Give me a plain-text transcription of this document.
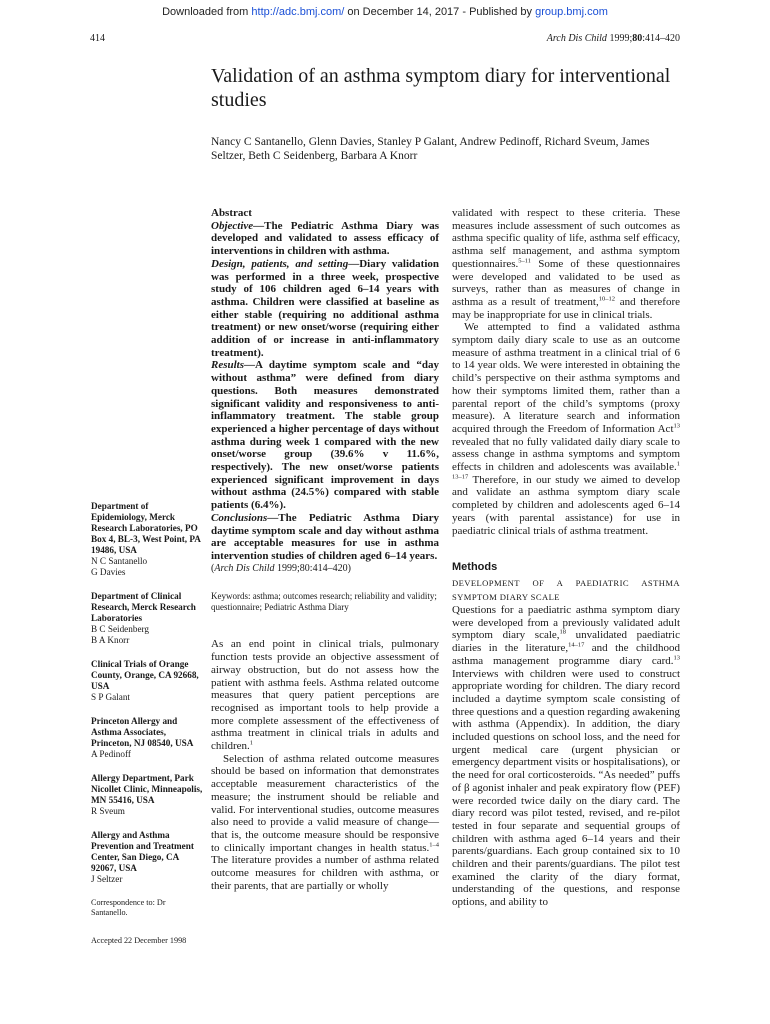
Downloaded from http://adc.bmj.com/ on December 14, 2017 - Published by group.bmj.com
414	Arch Dis Child 1999;80:414–420
Validation of an asthma symptom diary for interventional studies

Nancy C Santanello, Glenn Davies, Stanley P Galant, Andrew Pedinoff, Richard Sveum, James Seltzer, Beth C Seidenberg, Barbara A Knorr

Department of Epidemiology, Merck Research Laboratories, PO Box 4, BL-3, West Point, PA 19486, USA
N C Santanello
G Davies
Department of Clinical Research, Merck Research Laboratories
B C Seidenberg
B A Knorr
Clinical Trials of Orange County, Orange, CA 92668, USA
S P Galant
Princeton Allergy and Asthma Associates, Princeton, NJ 08540, USA
A Pedinoff
Allergy Department, Park Nicollet Clinic, Minneapolis, MN 55416, USA
R Sveum
Allergy and Asthma Prevention and Treatment Center, San Diego, CA 92067, USA
J Seltzer
Correspondence to: Dr Santanello.
Accepted 22 December 1998

Abstract

Objective—The Pediatric Asthma Diary was developed and validated to assess efficacy of interventions in children with asthma.

Design, patients, and setting—Diary validation was performed in a three week, prospective study of 106 children aged 6–14 years with asthma. Children were classified at baseline as either stable (requiring no additional asthma treatment) or new onset/worse (requiring either addition of or increase in anti-inflammatory treatment).

Results—A daytime symptom scale and “day without asthma” were defined from diary questions. Both measures demonstrated significant validity and responsiveness to anti-inflammatory treatment. The stable group experienced a higher percentage of days without asthma during week 1 compared with the new onset/worse group (39.6% v 11.6%, respectively). The new onset/worse patients experienced significant improvement in days without asthma (24.5%) compared with stable patients (6.4%).

Conclusions—The Pediatric Asthma Diary daytime symptom scale and day without asthma are acceptable measures for use in asthma intervention studies of children aged 6–14 years.

(Arch Dis Child 1999;80:414–420)

Keywords: asthma; outcomes research; reliability and validity; questionnaire; Pediatric Asthma Diary

As an end point in clinical trials, pulmonary function tests provide an objective assessment of airway obstruction, but do not assess how the patient with asthma feels. Asthma related outcome measures that query patient perceptions are recognised as important tools to help provide a more complete assessment of the effectiveness of asthma treatment in clinical trials in adults and children.$^1$

Selection of asthma related outcome measures should be based on information that demonstrates acceptable measurement characteristics of the measure; the instrument should be reliable and valid. For interventional studies, outcome measures also need to provide a valid measure of change—that is, the outcome measure should be responsive to clinically important changes in health status.$^{1-4}$ The literature provides a number of asthma related outcome measures for children with asthma, or their parents, that are partially or wholly

validated with respect to these criteria. These measures include assessment of such outcomes as asthma specific quality of life, asthma self efficacy, asthma self management, and asthma symptom questionnaires.$^{5-11}$ Some of these questionnaires were developed and validated to be used as surveys, rather than as measures of change in asthma as a result of treatment,$^{10-12}$ and therefore may be inappropriate for use in clinical trials.

We attempted to find a validated asthma symptom daily diary scale to use as an outcome measure of asthma treatment in a clinical trial of 6 to 14 year olds. We were interested in obtaining the child’s perspective on their asthma symptoms and how their symptoms limited them, rather than a parental report of the child’s symptoms (proxy measure). A literature search and information acquired through the Freedom of Information Act$^{13}$ revealed that no fully validated daily diary scale to assess change in asthma symptoms and symptom effects in children and adolescents was available.$^{1 13-17}$ Therefore, in our study we aimed to develop and validate an asthma symptom diary scale completed by children and adolescents aged 6–14 years (with parental assistance) for use in paediatric clinical trials of asthma treatment.

Methods

DEVELOPMENT OF A PAEDIATRIC ASTHMA SYMPTOM DIARY SCALE

Questions for a paediatric asthma symptom diary were developed from a previously validated adult symptom diary scale,$^{18}$ unvalidated paediatric diaries in the literature,$^{14-17}$ and the childhood asthma management programme diary card.$^{13}$ Interviews with children were used to construct appropriate wording for children. The diary record included a daytime symptom scale consisting of three questions and a question regarding awakening with asthma (Appendix). In addition, the diary included questions on school loss, and the need for urgent medical care (urgent physician or emergency department visits or hospitalisations), or the need for oral corticosteroids. “As needed” puffs of β agonist inhaler and peak expiratory flow (PEF) were recorded twice daily on the diary card. The diary record was pilot tested, revised, and re-pilot tested in four separate and sequential groups of children with asthma aged 6–14 years and their parents/guardians. Each group contained six to 10 children and their parents/guardians. The pilot test examined the clarity of the diary format, understanding of the questions, and response options, and ability to
